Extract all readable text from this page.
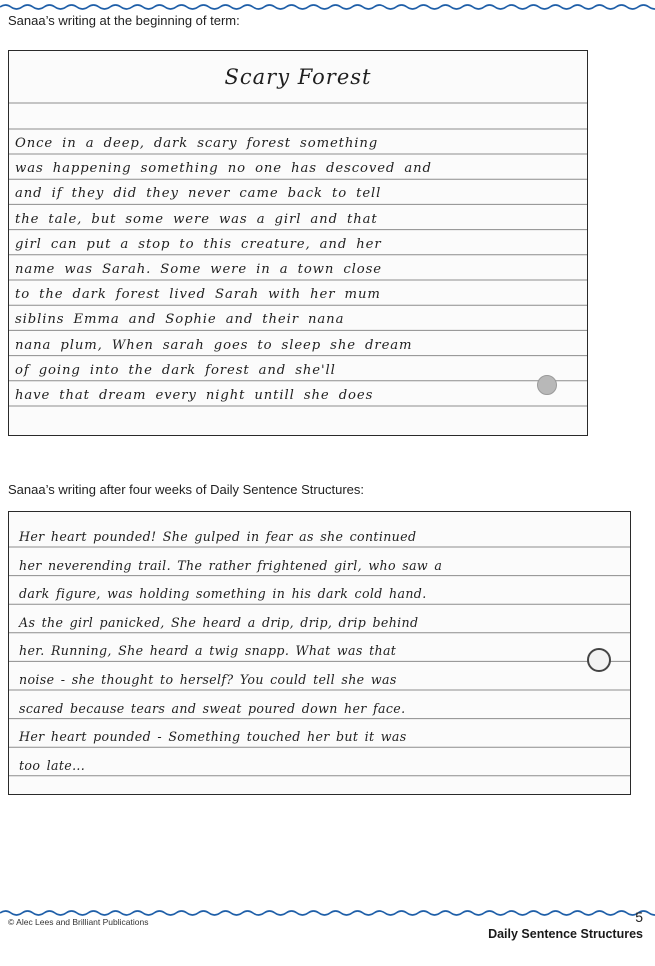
Sanaa’s writing at the beginning of term:
Scary Forest
Once in a deep, dark scary forest something
was happening something no one has descoved and
and if they did they never came back to tell
the tale, but some were was a girl and that
girl can put a stop to this creature, and her
name was Sarah. Some were in a town close
to the dark forest lived Sarah with her mum
siblins Emma and Sophie and their nana
nana plum, When sarah goes to sleep she dream
of going into the dark forest and she'll
have that dream every night untill she does
Sanaa’s writing after four weeks of Daily Sentence Structures:
Her heart pounded! She gulped in fear as she continued
her neverending trail. The rather frightened girl, who saw a
dark figure, was holding something in his dark cold hand.
As the girl panicked, She heard a drip, drip, drip behind
her. Running, She heard a twig snapp. What was that
noise - she thought to herself? You could tell she was
scared because tears and sweat poured down her face.
Her heart pounded - Something touched her but it was
too late...
© Alec Lees and Brilliant Publications	5
Daily Sentence Structures
